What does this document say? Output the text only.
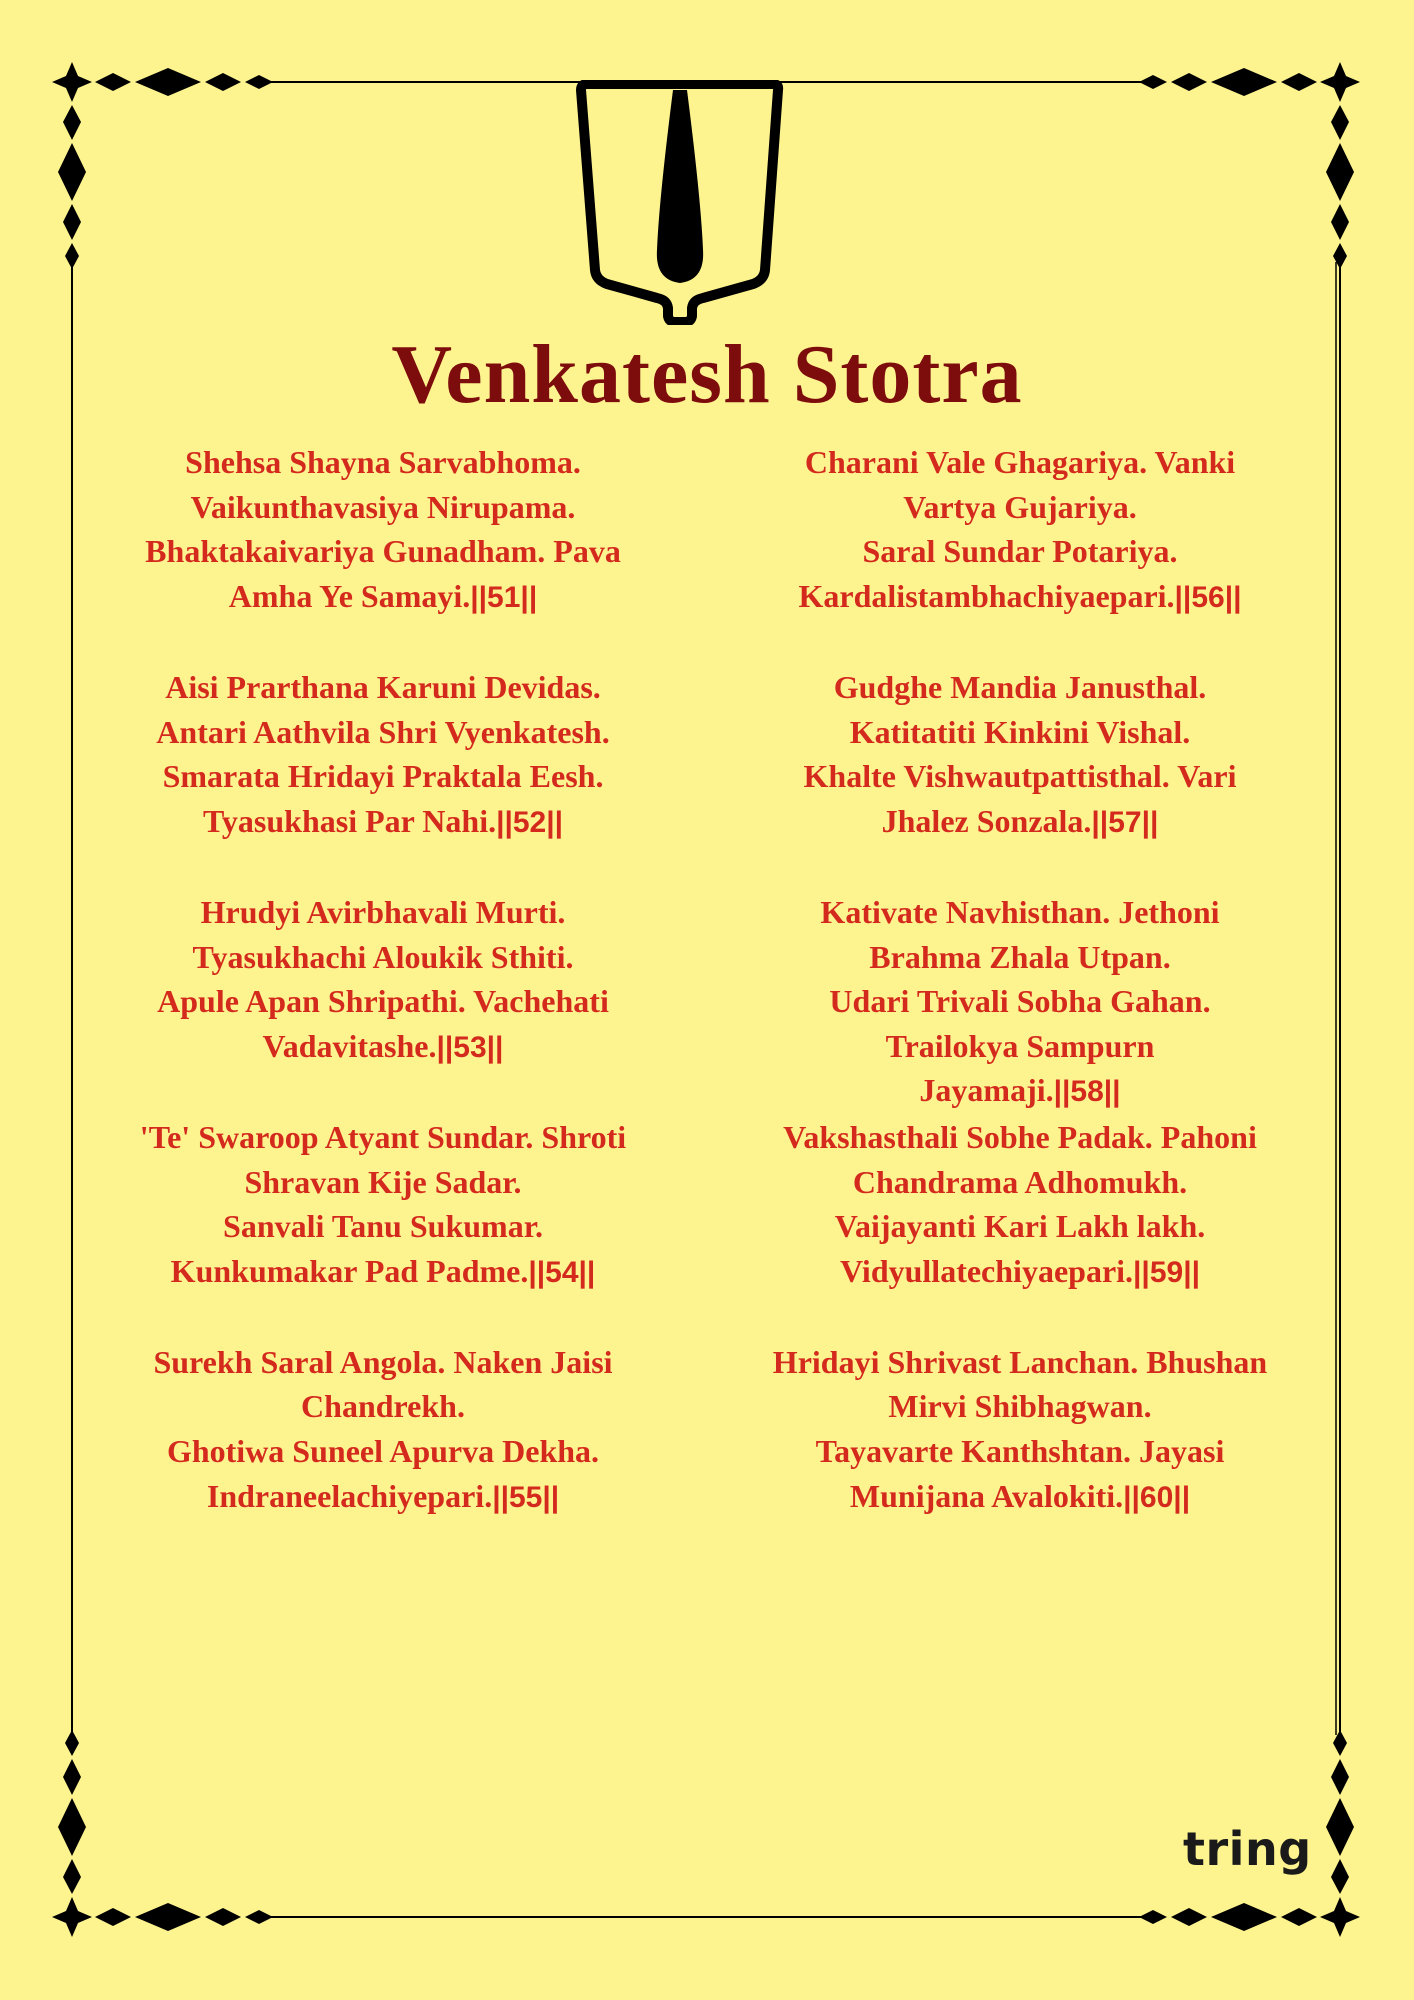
Venkatesh Stotra
Shehsa Shayna Sarvabhoma.
Vaikunthavasiya Nirupama.
Bhaktakaivariya Gunadham. Pava
Amha Ye Samayi.||51||
Aisi Prarthana Karuni Devidas.
Antari Aathvila Shri Vyenkatesh.
Smarata Hridayi Praktala Eesh.
Tyasukhasi Par Nahi.||52||
Hrudyi Avirbhavali Murti.
Tyasukhachi Aloukik Sthiti.
Apule Apan Shripathi. Vachehati
Vadavitashe.||53||
'Te' Swaroop Atyant Sundar. Shroti
Shravan Kije Sadar.
Sanvali Tanu Sukumar.
Kunkumakar Pad Padme.||54||
Surekh Saral Angola. Naken Jaisi
Chandrekh.
Ghotiwa Suneel Apurva Dekha.
Indraneelachiyepari.||55||
Charani Vale Ghagariya. Vanki
Vartya Gujariya.
Saral Sundar Potariya.
Kardalistambhachiyaepari.||56||
Gudghe Mandia Janusthal.
Katitatiti Kinkini Vishal.
Khalte Vishwautpattisthal. Vari
Jhalez Sonzala.||57||
Kativate Navhisthan. Jethoni
Brahma Zhala Utpan.
Udari Trivali Sobha Gahan.
Trailokya Sampurn
Jayamaji.||58||
Vakshasthali Sobhe Padak. Pahoni
Chandrama Adhomukh.
Vaijayanti Kari Lakh lakh.
Vidyullatechiyaepari.||59||
Hridayi Shrivast Lanchan. Bhushan
Mirvi Shibhagwan.
Tayavarte Kanthshtan. Jayasi
Munijana Avalokiti.||60||
tring
